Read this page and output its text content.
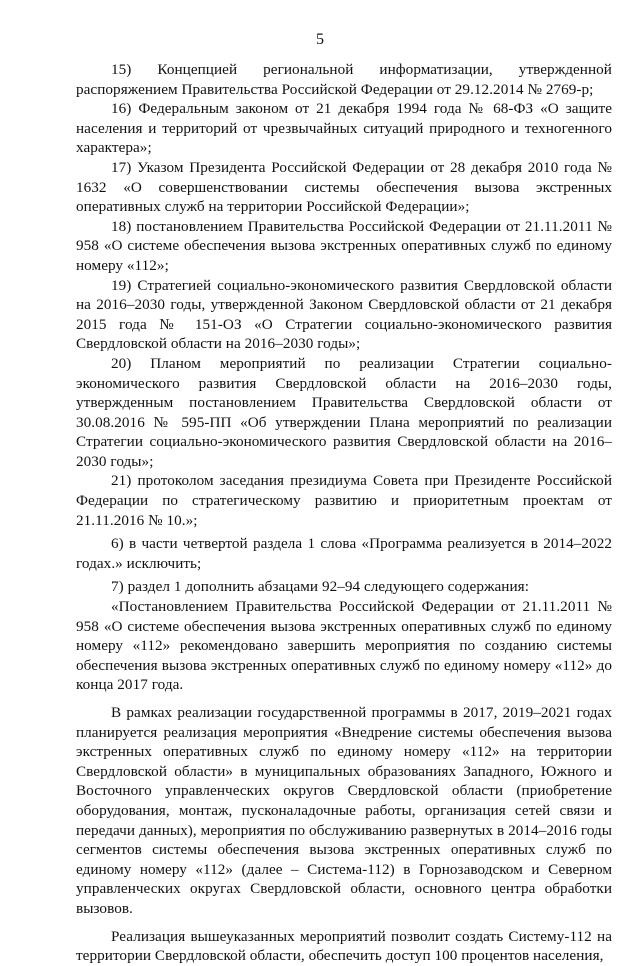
5

15) Концепцией региональной информатизации, утвержденной распоряжением Правительства Российской Федерации от 29.12.2014 № 2769-р;

16) Федеральным законом от 21 декабря 1994 года № 68-ФЗ «О защите населения и территорий от чрезвычайных ситуаций природного и техногенного характера»;

17) Указом Президента Российской Федерации от 28 декабря 2010 года № 1632 «О совершенствовании системы обеспечения вызова экстренных оперативных служб на территории Российской Федерации»;

18) постановлением Правительства Российской Федерации от 21.11.2011 № 958 «О системе обеспечения вызова экстренных оперативных служб по единому номеру «112»;

19) Стратегией социально-экономического развития Свердловской области на 2016–2030 годы, утвержденной Законом Свердловской области от 21 декабря 2015 года № 151-ОЗ «О Стратегии социально-экономического развития Свердловской области на 2016–2030 годы»;

20) Планом мероприятий по реализации Стратегии социально-экономического развития Свердловской области на 2016–2030 годы, утвержденным постановлением Правительства Свердловской области от 30.08.2016 № 595-ПП «Об утверждении Плана мероприятий по реализации Стратегии социально-экономического развития Свердловской области на 2016–2030 годы»;

21) протоколом заседания президиума Совета при Президенте Российской Федерации по стратегическому развитию и приоритетным проектам от 21.11.2016 № 10.»;

6) в части четвертой раздела 1 слова «Программа реализуется в 2014–2022 годах.» исключить;

7) раздел 1 дополнить абзацами 92–94 следующего содержания:

«Постановлением Правительства Российской Федерации от 21.11.2011 № 958 «О системе обеспечения вызова экстренных оперативных служб по единому номеру «112» рекомендовано завершить мероприятия по созданию системы обеспечения вызова экстренных оперативных служб по единому номеру «112» до конца 2017 года.

В рамках реализации государственной программы в 2017, 2019–2021 годах планируется реализация мероприятия «Внедрение системы обеспечения вызова экстренных оперативных служб по единому номеру «112» на территории Свердловской области» в муниципальных образованиях Западного, Южного и Восточного управленческих округов Свердловской области (приобретение оборудования, монтаж, пусконаладочные работы, организация сетей связи и передачи данных), мероприятия по обслуживанию развернутых в 2014–2016 годы сегментов системы обеспечения вызова экстренных оперативных служб по единому номеру «112» (далее – Система-112) в Горнозаводском и Северном управленческих округах Свердловской области, основного центра обработки вызовов.

Реализация вышеуказанных мероприятий позволит создать Систему-112 на территории Свердловской области, обеспечить доступ 100 процентов населения,
